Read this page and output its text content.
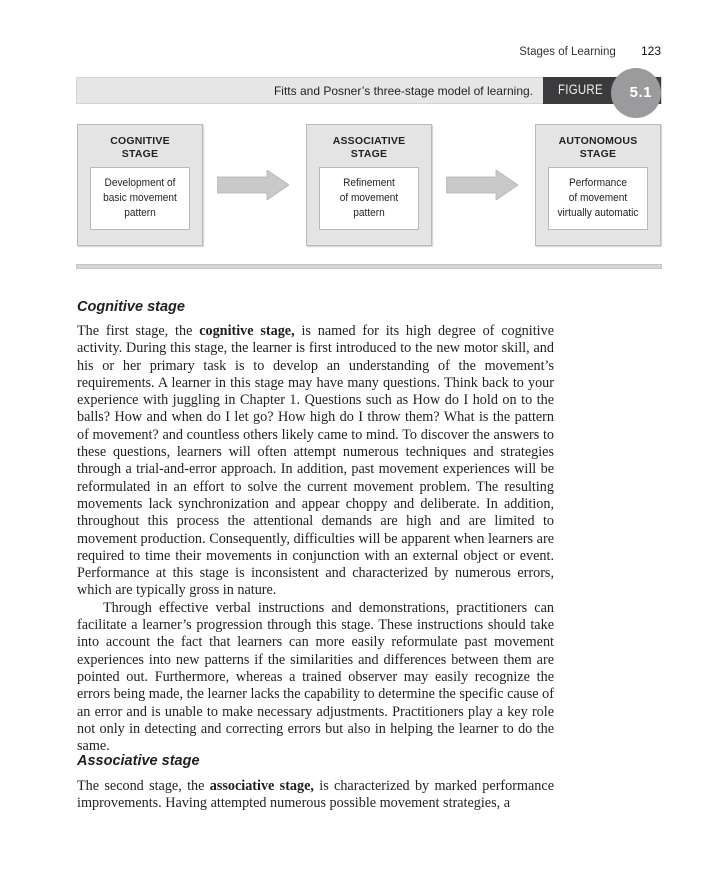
Stages of Learning 123
Fitts and Posner’s three-stage model of learning. FIGURE 5.1
COGNITIVE
STAGE
Development of
basic movement
pattern
ASSOCIATIVE
STAGE
Refinement
of movement
pattern
AUTONOMOUS
STAGE
Performance
of movement
virtually automatic
Cognitive stage

The first stage, the cognitive stage, is named for its high degree of cognitive activity. During this stage, the learner is first introduced to the new motor skill, and his or her primary task is to develop an understanding of the movement’s requirements. A learner in this stage may have many questions. Think back to your experience with juggling in Chapter 1. Questions such as How do I hold on to the balls? How and when do I let go? How high do I throw them? What is the pattern of movement? and countless others likely came to mind. To discover the answers to these questions, learners will often attempt numerous techniques and strategies through a trial-and-error approach. In addition, past movement experiences will be reformulated in an effort to solve the current movement problem. The resulting movements lack synchronization and appear choppy and deliberate. In addition, throughout this process the attentional demands are high and are limited to movement production. Consequently, difficulties will be apparent when learners are required to time their movements in conjunction with an external object or event. Performance at this stage is inconsistent and characterized by numerous errors, which are typically gross in nature.

Through effective verbal instructions and demonstrations, practitioners can facilitate a learner’s progression through this stage. These instructions should take into account the fact that learners can more easily reformulate past movement experiences into new patterns if the similarities and differences between them are pointed out. Furthermore, whereas a trained observer may easily recognize the errors being made, the learner lacks the capability to determine the specific cause of an error and is unable to make necessary adjustments. Practitioners play a key role not only in detecting and correcting errors but also in helping the learner to do the same.

Associative stage

The second stage, the associative stage, is characterized by marked performance improvements. Having attempted numerous possible movement strategies, a
